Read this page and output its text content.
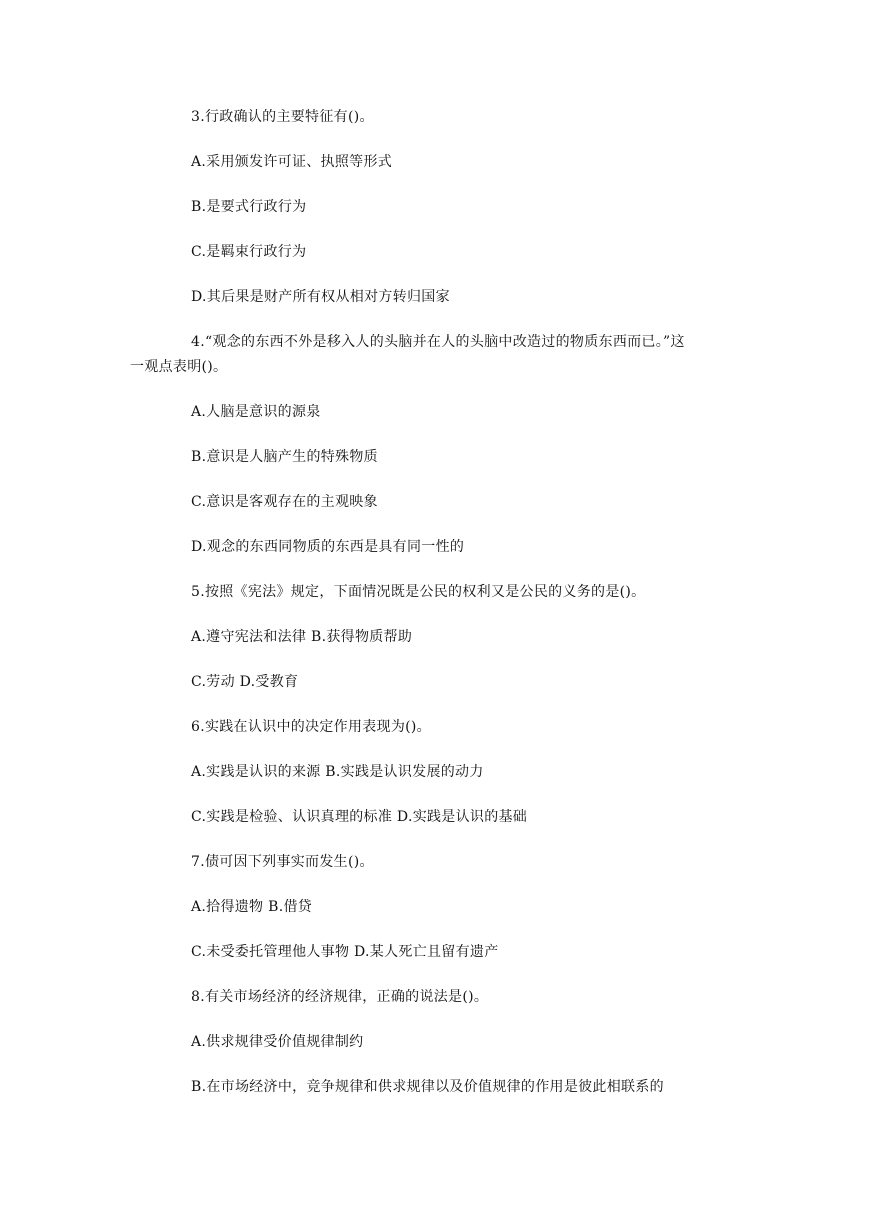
3.行政确认的主要特征有()。
A.采用颁发许可证、执照等形式
B.是要式行政行为
C.是羁束行政行为
D.其后果是财产所有权从相对方转归国家
4.“观念的东西不外是移入人的头脑并在人的头脑中改造过的物质东西而已。”这
一观点表明()。
A.人脑是意识的源泉
B.意识是人脑产生的特殊物质
C.意识是客观存在的主观映象
D.观念的东西同物质的东西是具有同一性的
5.按照《宪法》规定，下面情况既是公民的权利又是公民的义务的是()。
A.遵守宪法和法律 B.获得物质帮助
C.劳动 D.受教育
6.实践在认识中的决定作用表现为()。
A.实践是认识的来源 B.实践是认识发展的动力
C.实践是检验、认识真理的标准 D.实践是认识的基础
7.债可因下列事实而发生()。
A.拾得遗物 B.借贷
C.未受委托管理他人事物 D.某人死亡且留有遗产
8.有关市场经济的经济规律，正确的说法是()。
A.供求规律受价值规律制约
B.在市场经济中，竞争规律和供求规律以及价值规律的作用是彼此相联系的
